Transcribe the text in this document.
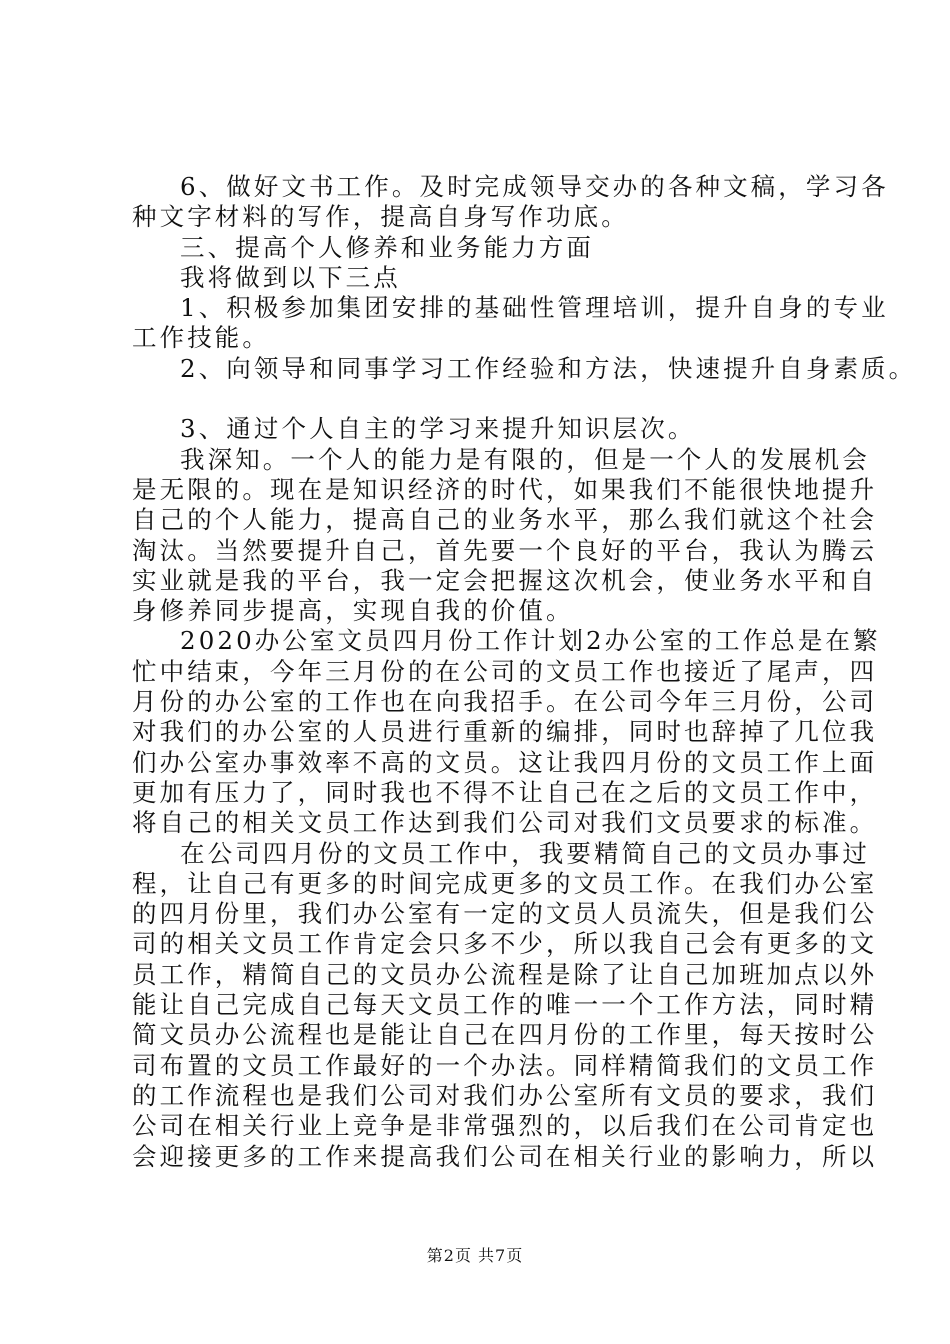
6、做好文书工作。及时完成领导交办的各种文稿，学习各
种文字材料的写作，提高自身写作功底。
三、提高个人修养和业务能力方面
我将做到以下三点
1、积极参加集团安排的基础性管理培训，提升自身的专业
工作技能。
2、向领导和同事学习工作经验和方法，快速提升自身素质。
3、通过个人自主的学习来提升知识层次。
我深知。一个人的能力是有限的，但是一个人的发展机会
是无限的。现在是知识经济的时代，如果我们不能很快地提升
自己的个人能力，提高自己的业务水平，那么我们就这个社会
淘汰。当然要提升自己，首先要一个良好的平台，我认为腾云
实业就是我的平台，我一定会把握这次机会，使业务水平和自
身修养同步提高，实现自我的价值。
2020办公室文员四月份工作计划2办公室的工作总是在繁
忙中结束，今年三月份的在公司的文员工作也接近了尾声，四
月份的办公室的工作也在向我招手。在公司今年三月份，公司
对我们的办公室的人员进行重新的编排，同时也辞掉了几位我
们办公室办事效率不高的文员。这让我四月份的文员工作上面
更加有压力了，同时我也不得不让自己在之后的文员工作中，
将自己的相关文员工作达到我们公司对我们文员要求的标准。
在公司四月份的文员工作中，我要精简自己的文员办事过
程，让自己有更多的时间完成更多的文员工作。在我们办公室
的四月份里，我们办公室有一定的文员人员流失，但是我们公
司的相关文员工作肯定会只多不少，所以我自己会有更多的文
员工作，精简自己的文员办公流程是除了让自己加班加点以外
能让自己完成自己每天文员工作的唯一一个工作方法，同时精
简文员办公流程也是能让自己在四月份的工作里，每天按时公
司布置的文员工作最好的一个办法。同样精简我们的文员工作
的工作流程也是我们公司对我们办公室所有文员的要求，我们
公司在相关行业上竞争是非常强烈的，以后我们在公司肯定也
会迎接更多的工作来提高我们公司在相关行业的影响力，所以
第2页 共7页
